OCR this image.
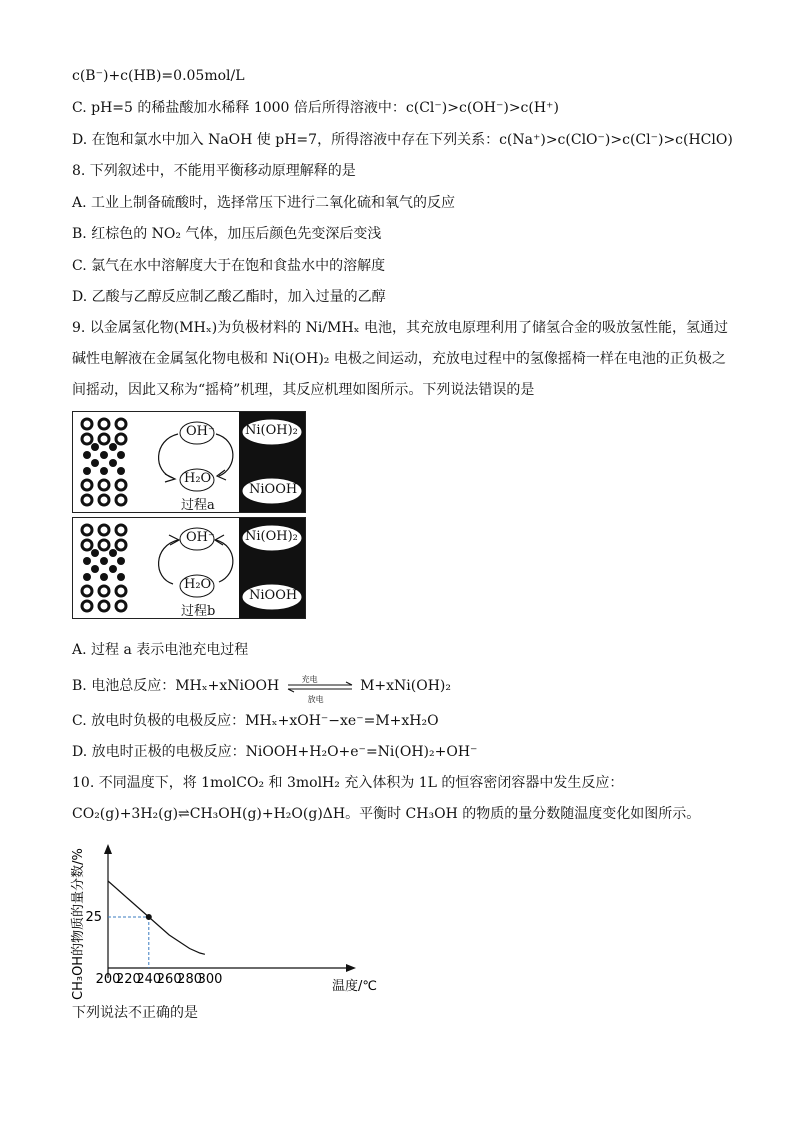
c(B⁻)+c(HB)=0.05mol/L
C. pH=5 的稀盐酸加水稀释 1000 倍后所得溶液中：c(Cl⁻)>c(OH⁻)>c(H⁺)
D. 在饱和氯水中加入 NaOH 使 pH=7，所得溶液中存在下列关系：c(Na⁺)>c(ClO⁻)>c(Cl⁻)>c(HClO)
8. 下列叙述中，不能用平衡移动原理解释的是
A. 工业上制备硫酸时，选择常压下进行二氧化硫和氧气的反应
B. 红棕色的 NO₂ 气体，加压后颜色先变深后变浅
C. 氯气在水中溶解度大于在饱和食盐水中的溶解度
D. 乙酸与乙醇反应制乙酸乙酯时，加入过量的乙醇
9. 以金属氢化物(MHₓ)为负极材料的 Ni/MHₓ 电池，其充放电原理利用了储氢合金的吸放氢性能，氢通过
碱性电解液在金属氢化物电极和 Ni(OH)₂ 电极之间运动，充放电过程中的氢像摇椅一样在电池的正负极之
间摇动，因此又称为“摇椅”机理，其反应机理如图所示。下列说法错误的是
OH⁻
H₂O
Ni(OH)₂
NiOOH
过程a
OH⁻
H₂O
Ni(OH)₂
NiOOH
过程b
A. 过程 a 表示电池充电过程
B. 电池总反应：MHₓ+xNiOOH	充电
放电
M+xNi(OH)₂
C. 放电时负极的电极反应：MHₓ+xOH⁻−xe⁻=M+xH₂O
D. 放电时正极的电极反应：NiOOH+H₂O+e⁻=Ni(OH)₂+OH⁻
10. 不同温度下，将 1molCO₂ 和 3molH₂ 充入体积为 1L 的恒容密闭容器中发生反应：
CO₂(g)+3H₂(g)⇌CH₃OH(g)+H₂O(g)ΔH。平衡时 CH₃OH 的物质的量分数随温度变化如图所示。
CH₃OH的物质的量分数/%	温度/℃
200
220
240
260
280
300
25
下列说法不正确的是
